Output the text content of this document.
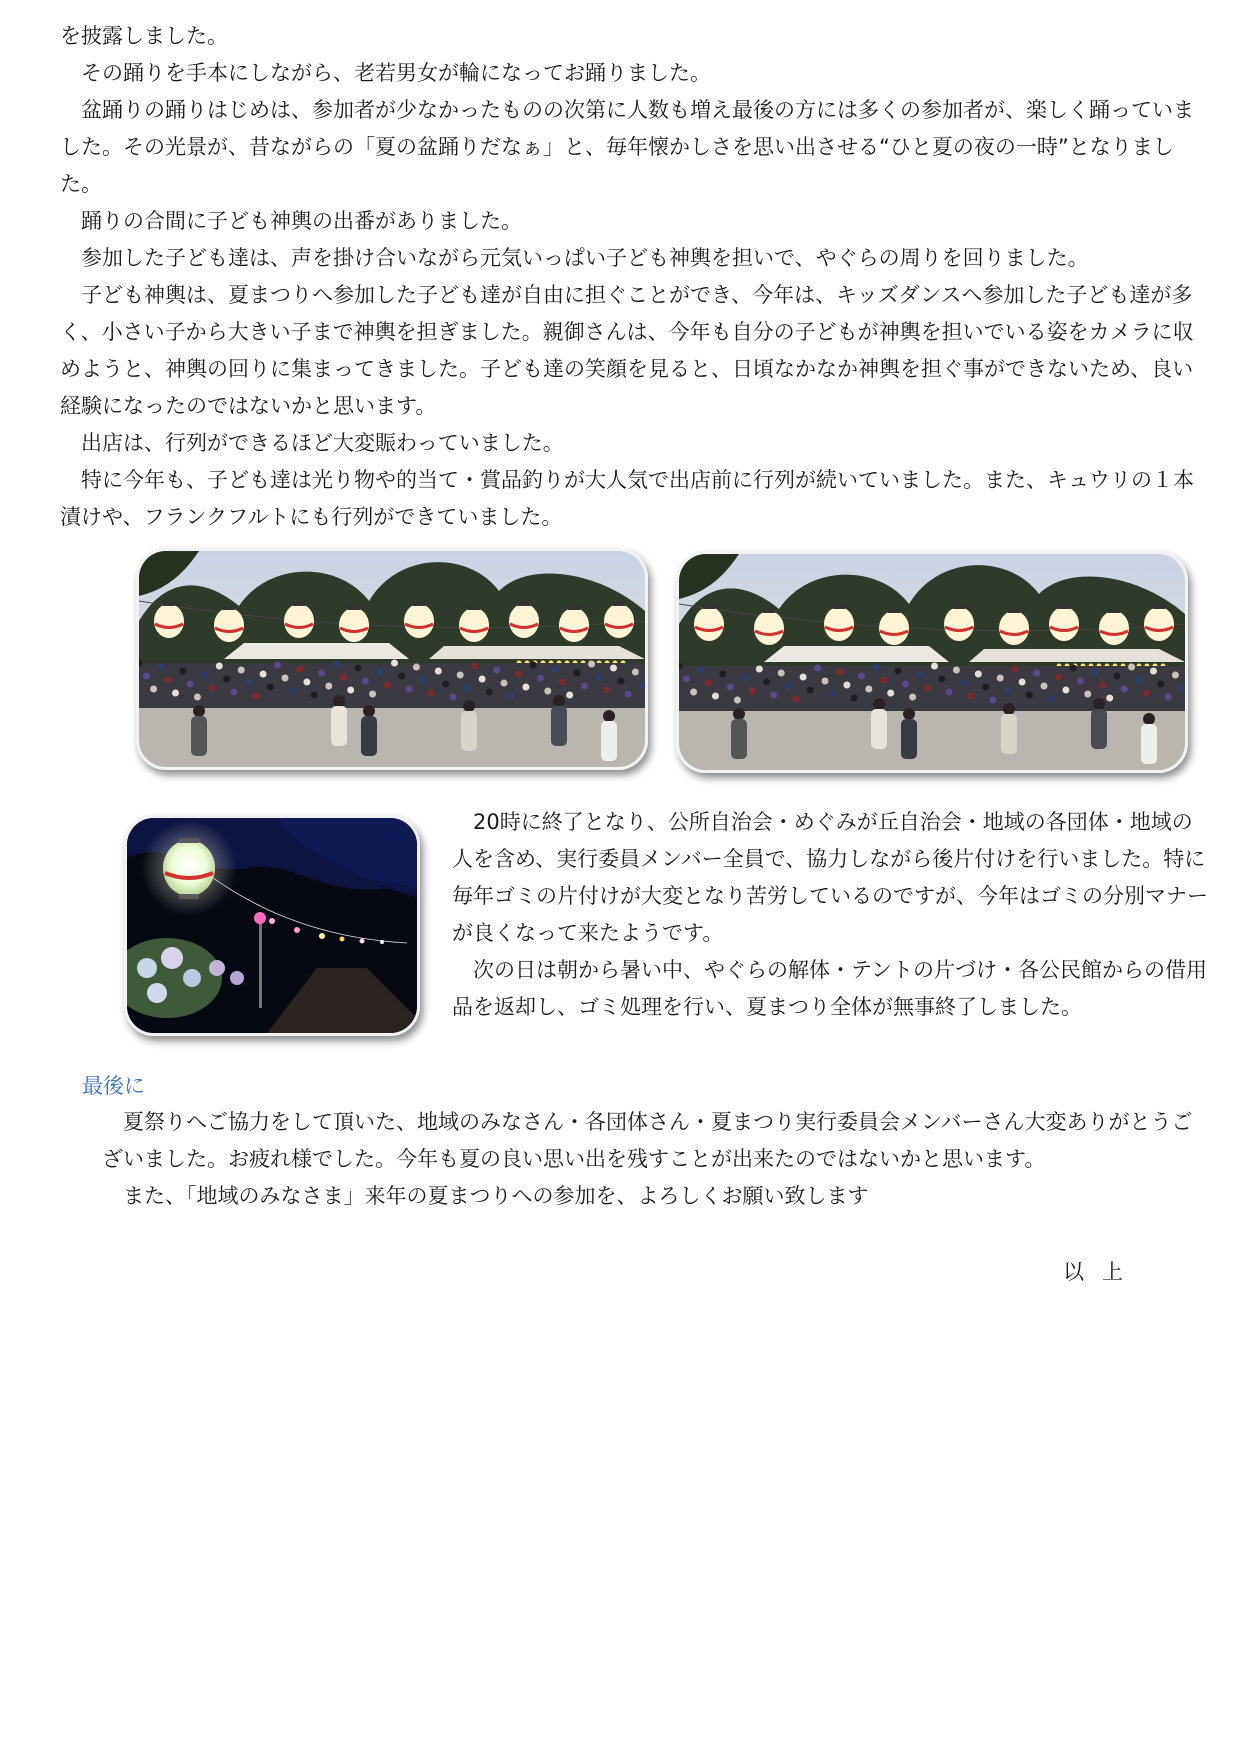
を披露しました。

その踊りを手本にしながら、老若男女が輪になってお踊りました。

盆踊りの踊りはじめは、参加者が少なかったものの次第に人数も増え最後の方には多くの参加者が、楽しく踊っていました。その光景が、昔ながらの「夏の盆踊りだなぁ」と、毎年懐かしさを思い出させる“ひと夏の夜の一時”となりました。

踊りの合間に子ども神輿の出番がありました。

参加した子ども達は、声を掛け合いながら元気いっぱい子ども神輿を担いで、やぐらの周りを回りました。

子ども神輿は、夏まつりへ参加した子ども達が自由に担ぐことができ、今年は、キッズダンスへ参加した子ども達が多く、小さい子から大きい子まで神輿を担ぎました。親御さんは、今年も自分の子どもが神輿を担いでいる姿をカメラに収めようと、神輿の回りに集まってきました。子ども達の笑顔を見ると、日頃なかなか神輿を担ぐ事ができないため、良い経験になったのではないかと思います。

出店は、行列ができるほど大変賑わっていました。

特に今年も、子ども達は光り物や的当て・賞品釣りが大人気で出店前に行列が続いていました。また、キュウリの１本漬けや、フランクフルトにも行列ができていました。

20時に終了となり、公所自治会・めぐみが丘自治会・地域の各団体・地域の人を含め、実行委員メンバー全員で、協力しながら後片付けを行いました。特に毎年ゴミの片付けが大変となり苦労しているのですが、今年はゴミの分別マナーが良くなって来たようです。

次の日は朝から暑い中、やぐらの解体・テントの片づけ・各公民館からの借用品を返却し、ゴミ処理を行い、夏まつり全体が無事終了しました。

最後に

夏祭りへご協力をして頂いた、地域のみなさん・各団体さん・夏まつり実行委員会メンバーさん大変ありがとうございました。お疲れ様でした。今年も夏の良い思い出を残すことが出来たのではないかと思います。

また、「地域のみなさま」来年の夏まつりへの参加を、よろしくお願い致します

以上
